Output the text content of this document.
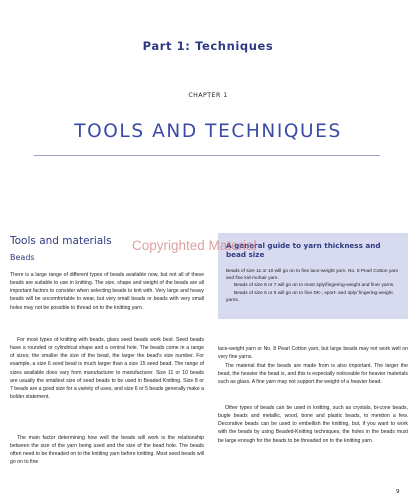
Part 1: Techniques
CHAPTER 1
TOOLS AND TECHNIQUES
Tools and materials
Beads
There is a large range of different types of beads available now, but not all of these beads are suitable to use in knitting. The size, shape and weight of the beads are all important factors to consider when selecting beads to knit with. Very large and heavy beads will be uncomfortable to wear, but very small beads or beads with very small holes may not be possible to thread on to the knitting yarn.
For most types of knitting with beads, glass seed beads work best. Seed beads have a rounded or cylindrical shape and a central hole. The beads come in a range of sizes; the smaller the size of the bead, the larger the bead's size number. For example, a size 6 seed bead is much larger than a size 15 seed bead. The range of sizes available does vary from manufacturer to manufacturer. Size 11 or 10 beads are usually the smallest size of seed beads to be used in Beaded Knitting. Size 8 or 7 beads are a good size for a variety of uses, and size 6 or 5 beads generally make a bolder statement.
The main factor determining how well the beads will work is the relationship between the size of the yarn being used and the size of the bead hole. The beads often need to be threaded on to the knitting yarn before knitting. Most seed beads will go on to fine
A general guide to yarn thickness and bead size
Beads of size 11 or 10 will go on to fine lace-weight yarn, No. 8 Pearl Cotton yarn and fine kid-mohair yarn.
Beads of size 8 or 7 will go on to most 4ply/fingering-weight and finer yarns.
Beads of size 6 or 5 will go on to fine DK-, sport- and 4ply/ fingering-weight yarns.
lace-weight yarn or No. 8 Pearl Cotton yarn, but large beads may not work well on very fine yarns.
The material that the beads are made from is also important. The larger the bead, the heavier the bead is, and this is especially noticeable for heavier materials such as glass. A fine yarn may not support the weight of a heavier bead.
Other types of beads can be used in knitting, such as crystals, bi-cone beads, bugle beads and metallic, wood, bone and plastic beads, to mention a few. Decorative beads can be used to embellish the knitting, but, if you want to work with the beads by using Beaded-Knitting techniques, the holes in the beads must be large enough for the beads to be threaded on to the knitting yarn.
Copyrighted Material
9
